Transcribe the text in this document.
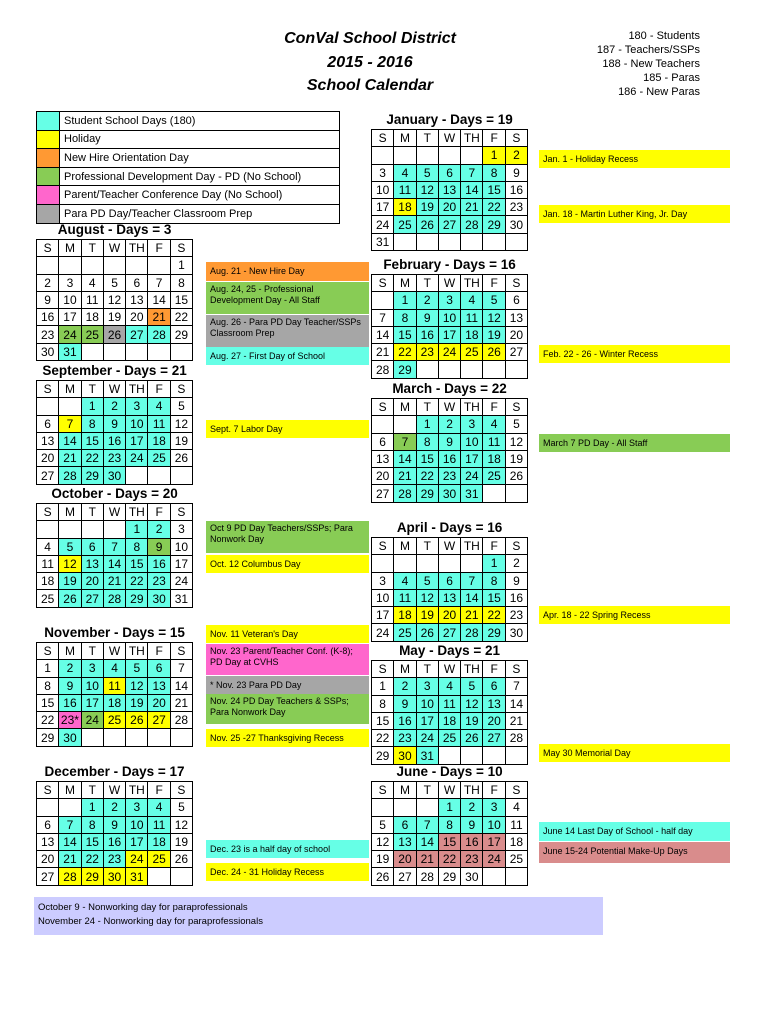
ConVal School District
2015 - 2016
School Calendar
180 - Students
187 - Teachers/SSPs
188 - New Teachers
185 - Paras
186 - New Paras
Student School Days (180)
Holiday
New Hire Orientation Day
Professional Development Day - PD (No School)
Parent/Teacher Conference Day (No School)
Para PD Day/Teacher Classroom Prep
January - Days = 19
S	M	T	W	TH	F	S
					1	2
3	4	5	6	7	8	9
10	11	12	13	14	15	16
17	18	19	20	21	22	23
24	25	26	27	28	29	30
31						
August - Days = 3
S	M	T	W	TH	F	S
						1
2	3	4	5	6	7	8
9	10	11	12	13	14	15
16	17	18	19	20	21	22
23	24	25	26	27	28	29
30	31					
February - Days = 16
S	M	T	W	TH	F	S
	1	2	3	4	5	6
7	8	9	10	11	12	13
14	15	16	17	18	19	20
21	22	23	24	25	26	27
28	29					
September - Days = 21
S	M	T	W	TH	F	S
		1	2	3	4	5
6	7	8	9	10	11	12
13	14	15	16	17	18	19
20	21	22	23	24	25	26
27	28	29	30			
March - Days = 22
S	M	T	W	TH	F	S
		1	2	3	4	5
6	7	8	9	10	11	12
13	14	15	16	17	18	19
20	21	22	23	24	25	26
27	28	29	30	31		
October - Days = 20
S	M	T	W	TH	F	S
				1	2	3
4	5	6	7	8	9	10
11	12	13	14	15	16	17
18	19	20	21	22	23	24
25	26	27	28	29	30	31
April - Days = 16
S	M	T	W	TH	F	S
					1	2
3	4	5	6	7	8	9
10	11	12	13	14	15	16
17	18	19	20	21	22	23
24	25	26	27	28	29	30
November - Days = 15
S	M	T	W	TH	F	S
1	2	3	4	5	6	7
8	9	10	11	12	13	14
15	16	17	18	19	20	21
22	23*	24	25	26	27	28
29	30					
May - Days = 21
S	M	T	W	TH	F	S
1	2	3	4	5	6	7
8	9	10	11	12	13	14
15	16	17	18	19	20	21
22	23	24	25	26	27	28
29	30	31				
December - Days = 17
S	M	T	W	TH	F	S
		1	2	3	4	5
6	7	8	9	10	11	12
13	14	15	16	17	18	19
20	21	22	23	24	25	26
27	28	29	30	31		
June - Days = 10
S	M	T	W	TH	F	S
			1	2	3	4
5	6	7	8	9	10	11
12	13	14	15	16	17	18
19	20	21	22	23	24	25
26	27	28	29	30		
Jan. 1 - Holiday Recess
Jan. 18 - Martin Luther King, Jr. Day
Aug. 21 - New Hire Day
Aug. 24, 25 - Professional Development Day - All Staff
Aug. 26 - Para PD Day Teacher/SSPs Classroom Prep
Aug. 27 - First Day of School	Feb. 22 - 26 - Winter Recess
Sept. 7 Labor Day
March 7 PD Day - All Staff
Oct 9 PD Day Teachers/SSPs; Para Nonwork Day
Oct. 12 Columbus Day
Apr. 18 - 22 Spring Recess
Nov. 11 Veteran's Day
Nov. 23 Parent/Teacher Conf. (K-8); PD Day at CVHS
* Nov. 23 Para PD Day
Nov. 24 PD Day Teachers & SSPs; Para Nonwork Day
Nov. 25 -27 Thanksgiving Recess
May 30 Memorial Day
June 14 Last Day of School - half day
June 15-24 Potential Make-Up Days
Dec. 23 is a half day of school
Dec. 24 - 31 Holiday Recess
October 9 - Nonworking day for paraprofessionals
November 24 - Nonworking day for paraprofessionals
